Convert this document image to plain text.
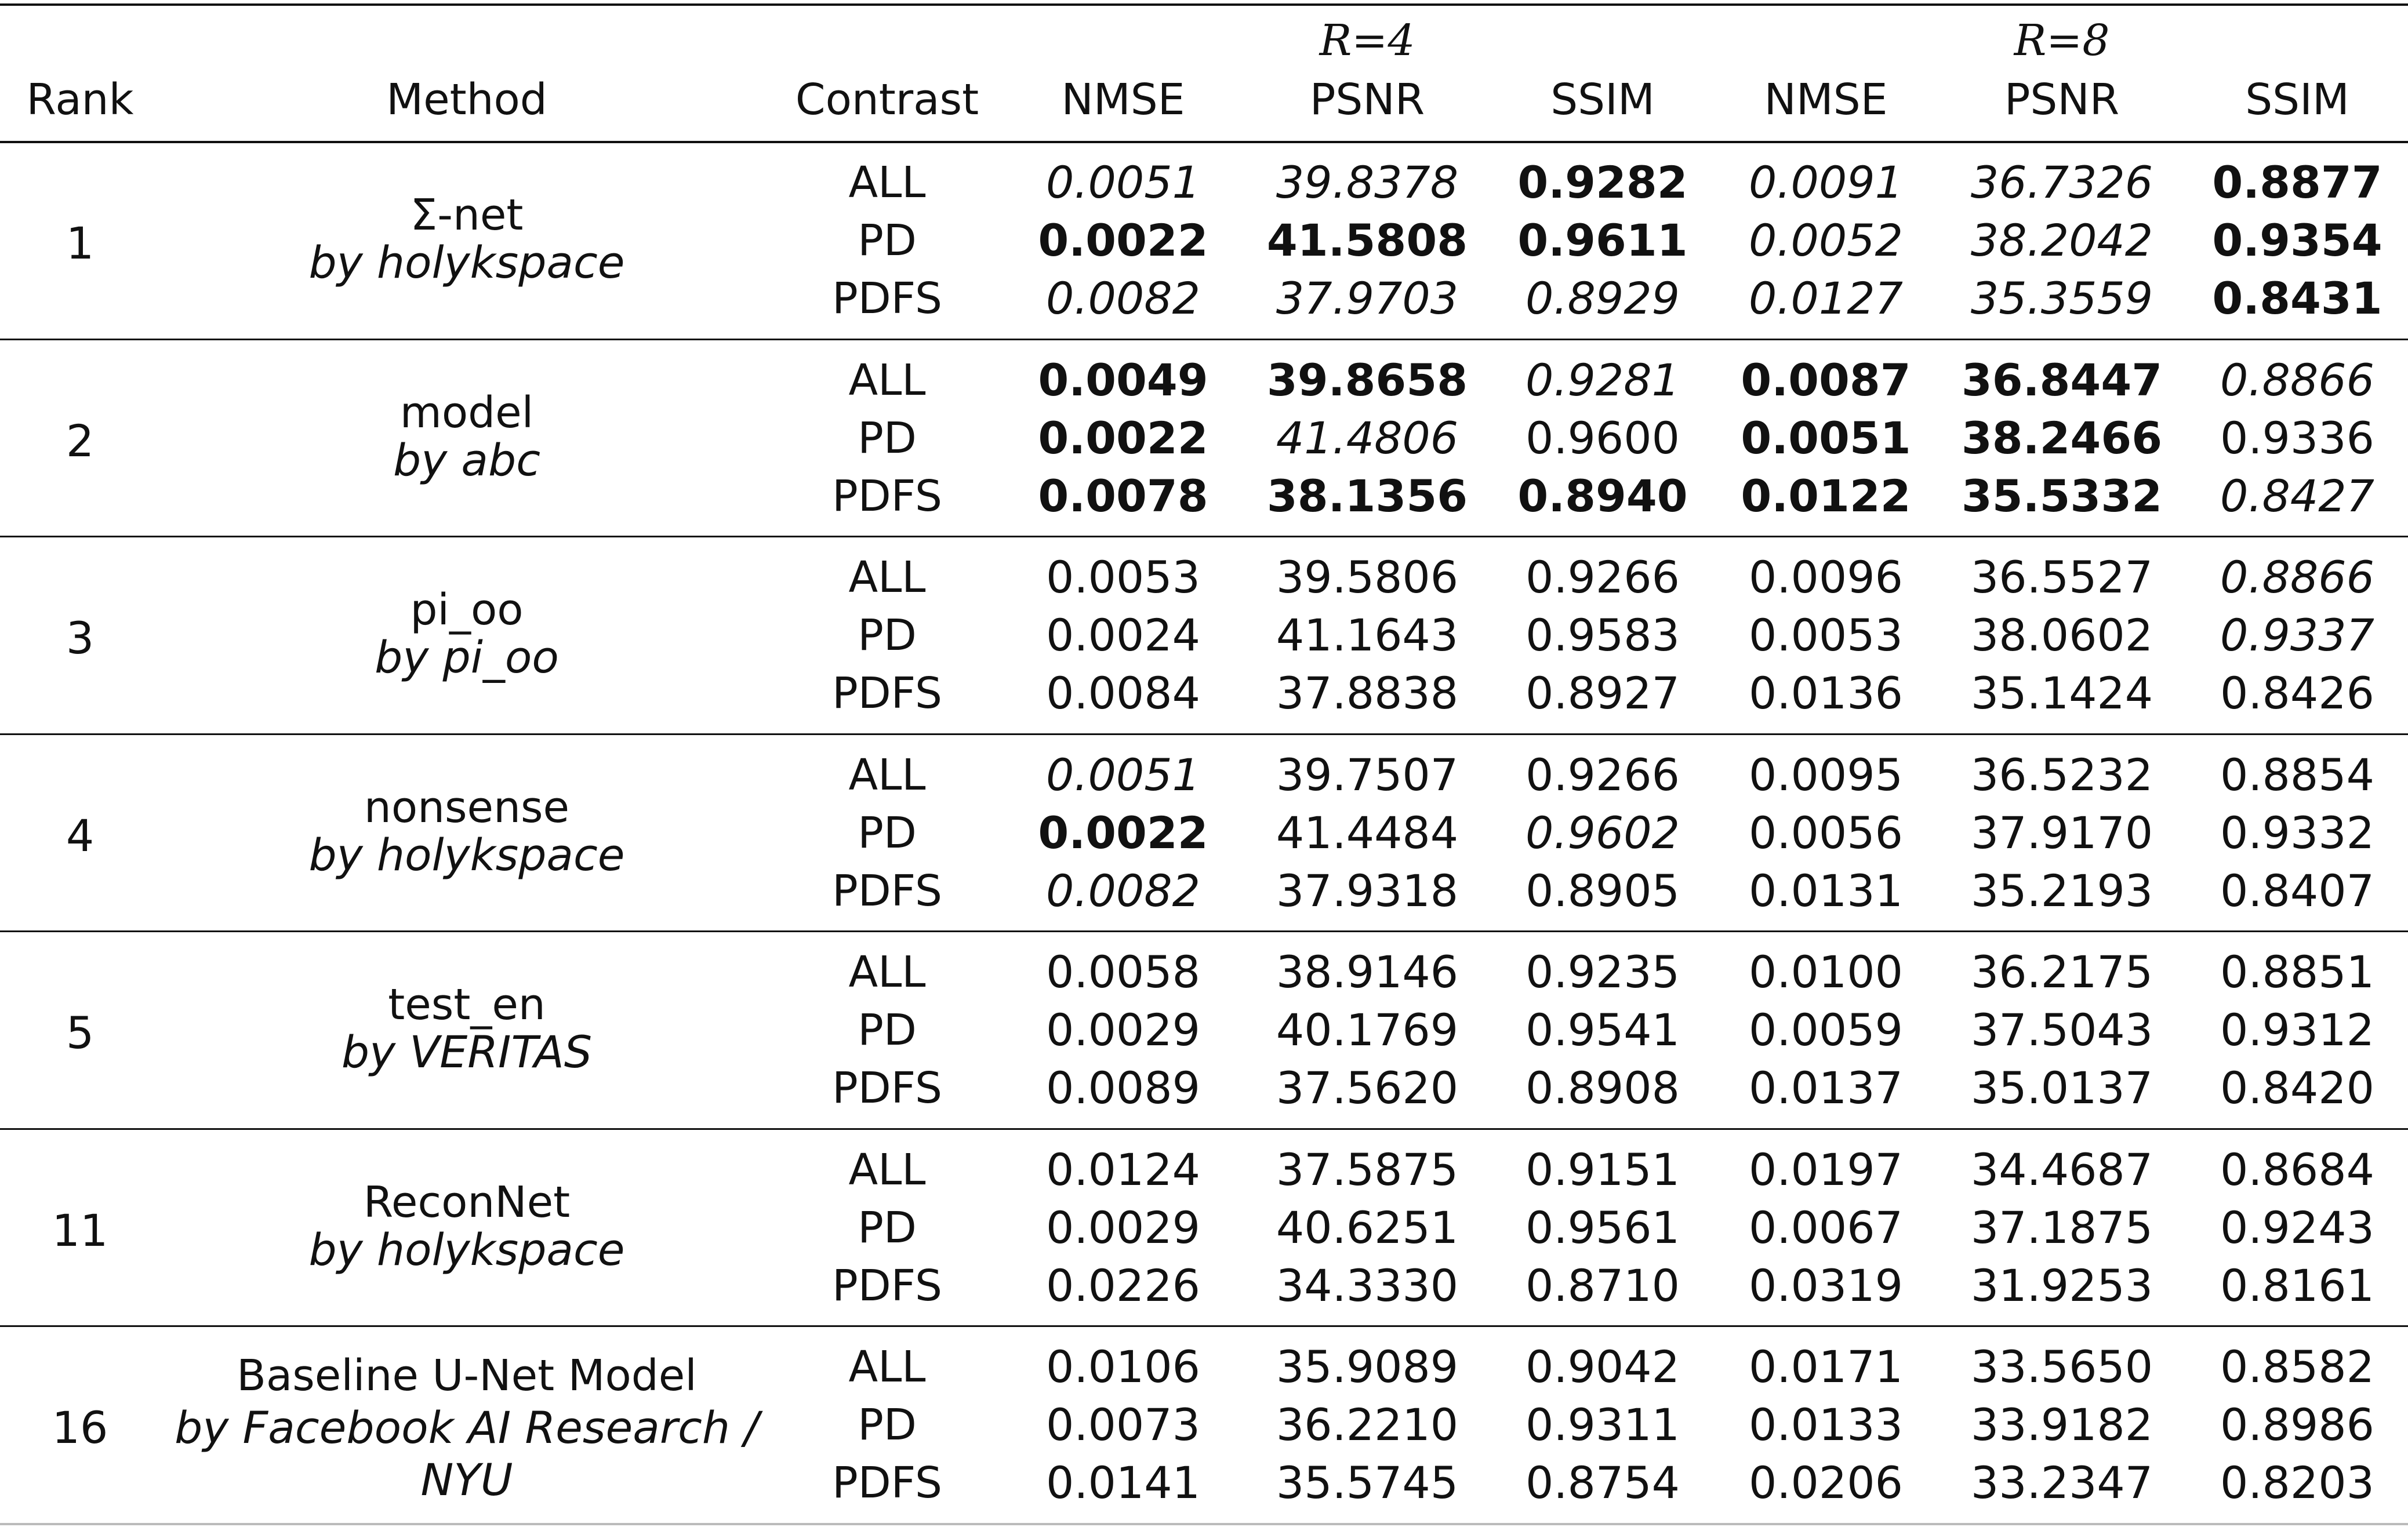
R=4	R=8
Rank	Method	Contrast NMSE	PSNR	SSIM	NMSE	PSNR	SSIM
1
Σ-net
by holykspace
ALL	0.0051 39.8378 0.9282 0.0091 36.7326 0.8877
PD	0.0022 41.5808 0.9611 0.0052 38.2042 0.9354
PDFS 0.0082 37.9703 0.8929 0.0127 35.3559 0.8431
2
model
by abc
ALL	0.0049 39.8658 0.9281 0.0087 36.8447 0.8866
PD	0.0022 41.4806 0.9600 0.0051 38.2466 0.9336
PDFS 0.0078 38.1356 0.8940 0.0122 35.5332 0.8427
3
pi_oo
by pi_oo
ALL	0.0053 39.5806 0.9266 0.0096 36.5527 0.8866
PD	0.0024 41.1643 0.9583 0.0053 38.0602 0.9337
PDFS 0.0084 37.8838 0.8927 0.0136 35.1424 0.8426
4
nonsense
by holykspace
ALL	0.0051 39.7507 0.9266 0.0095 36.5232 0.8854
PD	0.0022 41.4484 0.9602 0.0056 37.9170 0.9332
PDFS 0.0082 37.9318 0.8905 0.0131 35.2193 0.8407
5
test_en
by VERITAS
ALL	0.0058 38.9146 0.9235 0.0100 36.2175 0.8851
PD	0.0029 40.1769 0.9541 0.0059 37.5043 0.9312
PDFS 0.0089 37.5620 0.8908 0.0137 35.0137 0.8420
11
ReconNet
by holykspace
ALL	0.0124 37.5875 0.9151 0.0197 34.4687 0.8684
PD	0.0029 40.6251 0.9561 0.0067 37.1875 0.9243
PDFS 0.0226 34.3330 0.8710 0.0319 31.9253 0.8161
16
Baseline U-Net Model
by Facebook AI Research /
NYU
ALL	0.0106 35.9089 0.9042 0.0171 33.5650 0.8582
PD	0.0073 36.2210 0.9311 0.0133 33.9182 0.8986
PDFS 0.0141 35.5745 0.8754 0.0206 33.2347 0.8203
